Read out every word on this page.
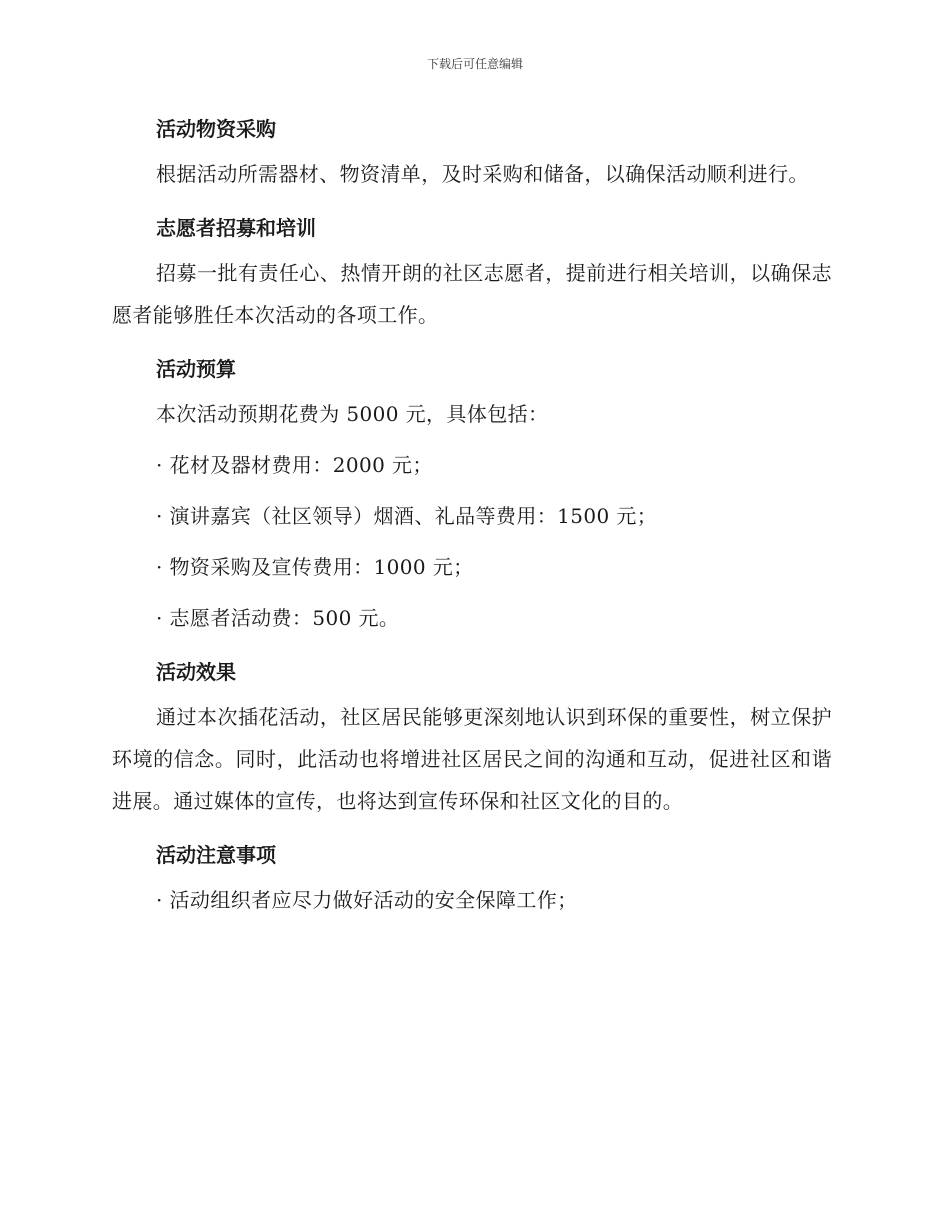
下载后可任意编辑
活动物资采购
根据活动所需器材、物资清单，及时采购和储备，以确保活动顺利进行。
志愿者招募和培训
招募一批有责任心、热情开朗的社区志愿者，提前进行相关培训，以确保志愿者能够胜任本次活动的各项工作。
活动预算
本次活动预期花费为 5000 元，具体包括：
· 花材及器材费用：2000 元；
· 演讲嘉宾（社区领导）烟酒、礼品等费用：1500 元；
· 物资采购及宣传费用：1000 元；
· 志愿者活动费：500 元。
活动效果
通过本次插花活动，社区居民能够更深刻地认识到环保的重要性，树立保护环境的信念。同时，此活动也将增进社区居民之间的沟通和互动，促进社区和谐进展。通过媒体的宣传，也将达到宣传环保和社区文化的目的。
活动注意事项
· 活动组织者应尽力做好活动的安全保障工作；
